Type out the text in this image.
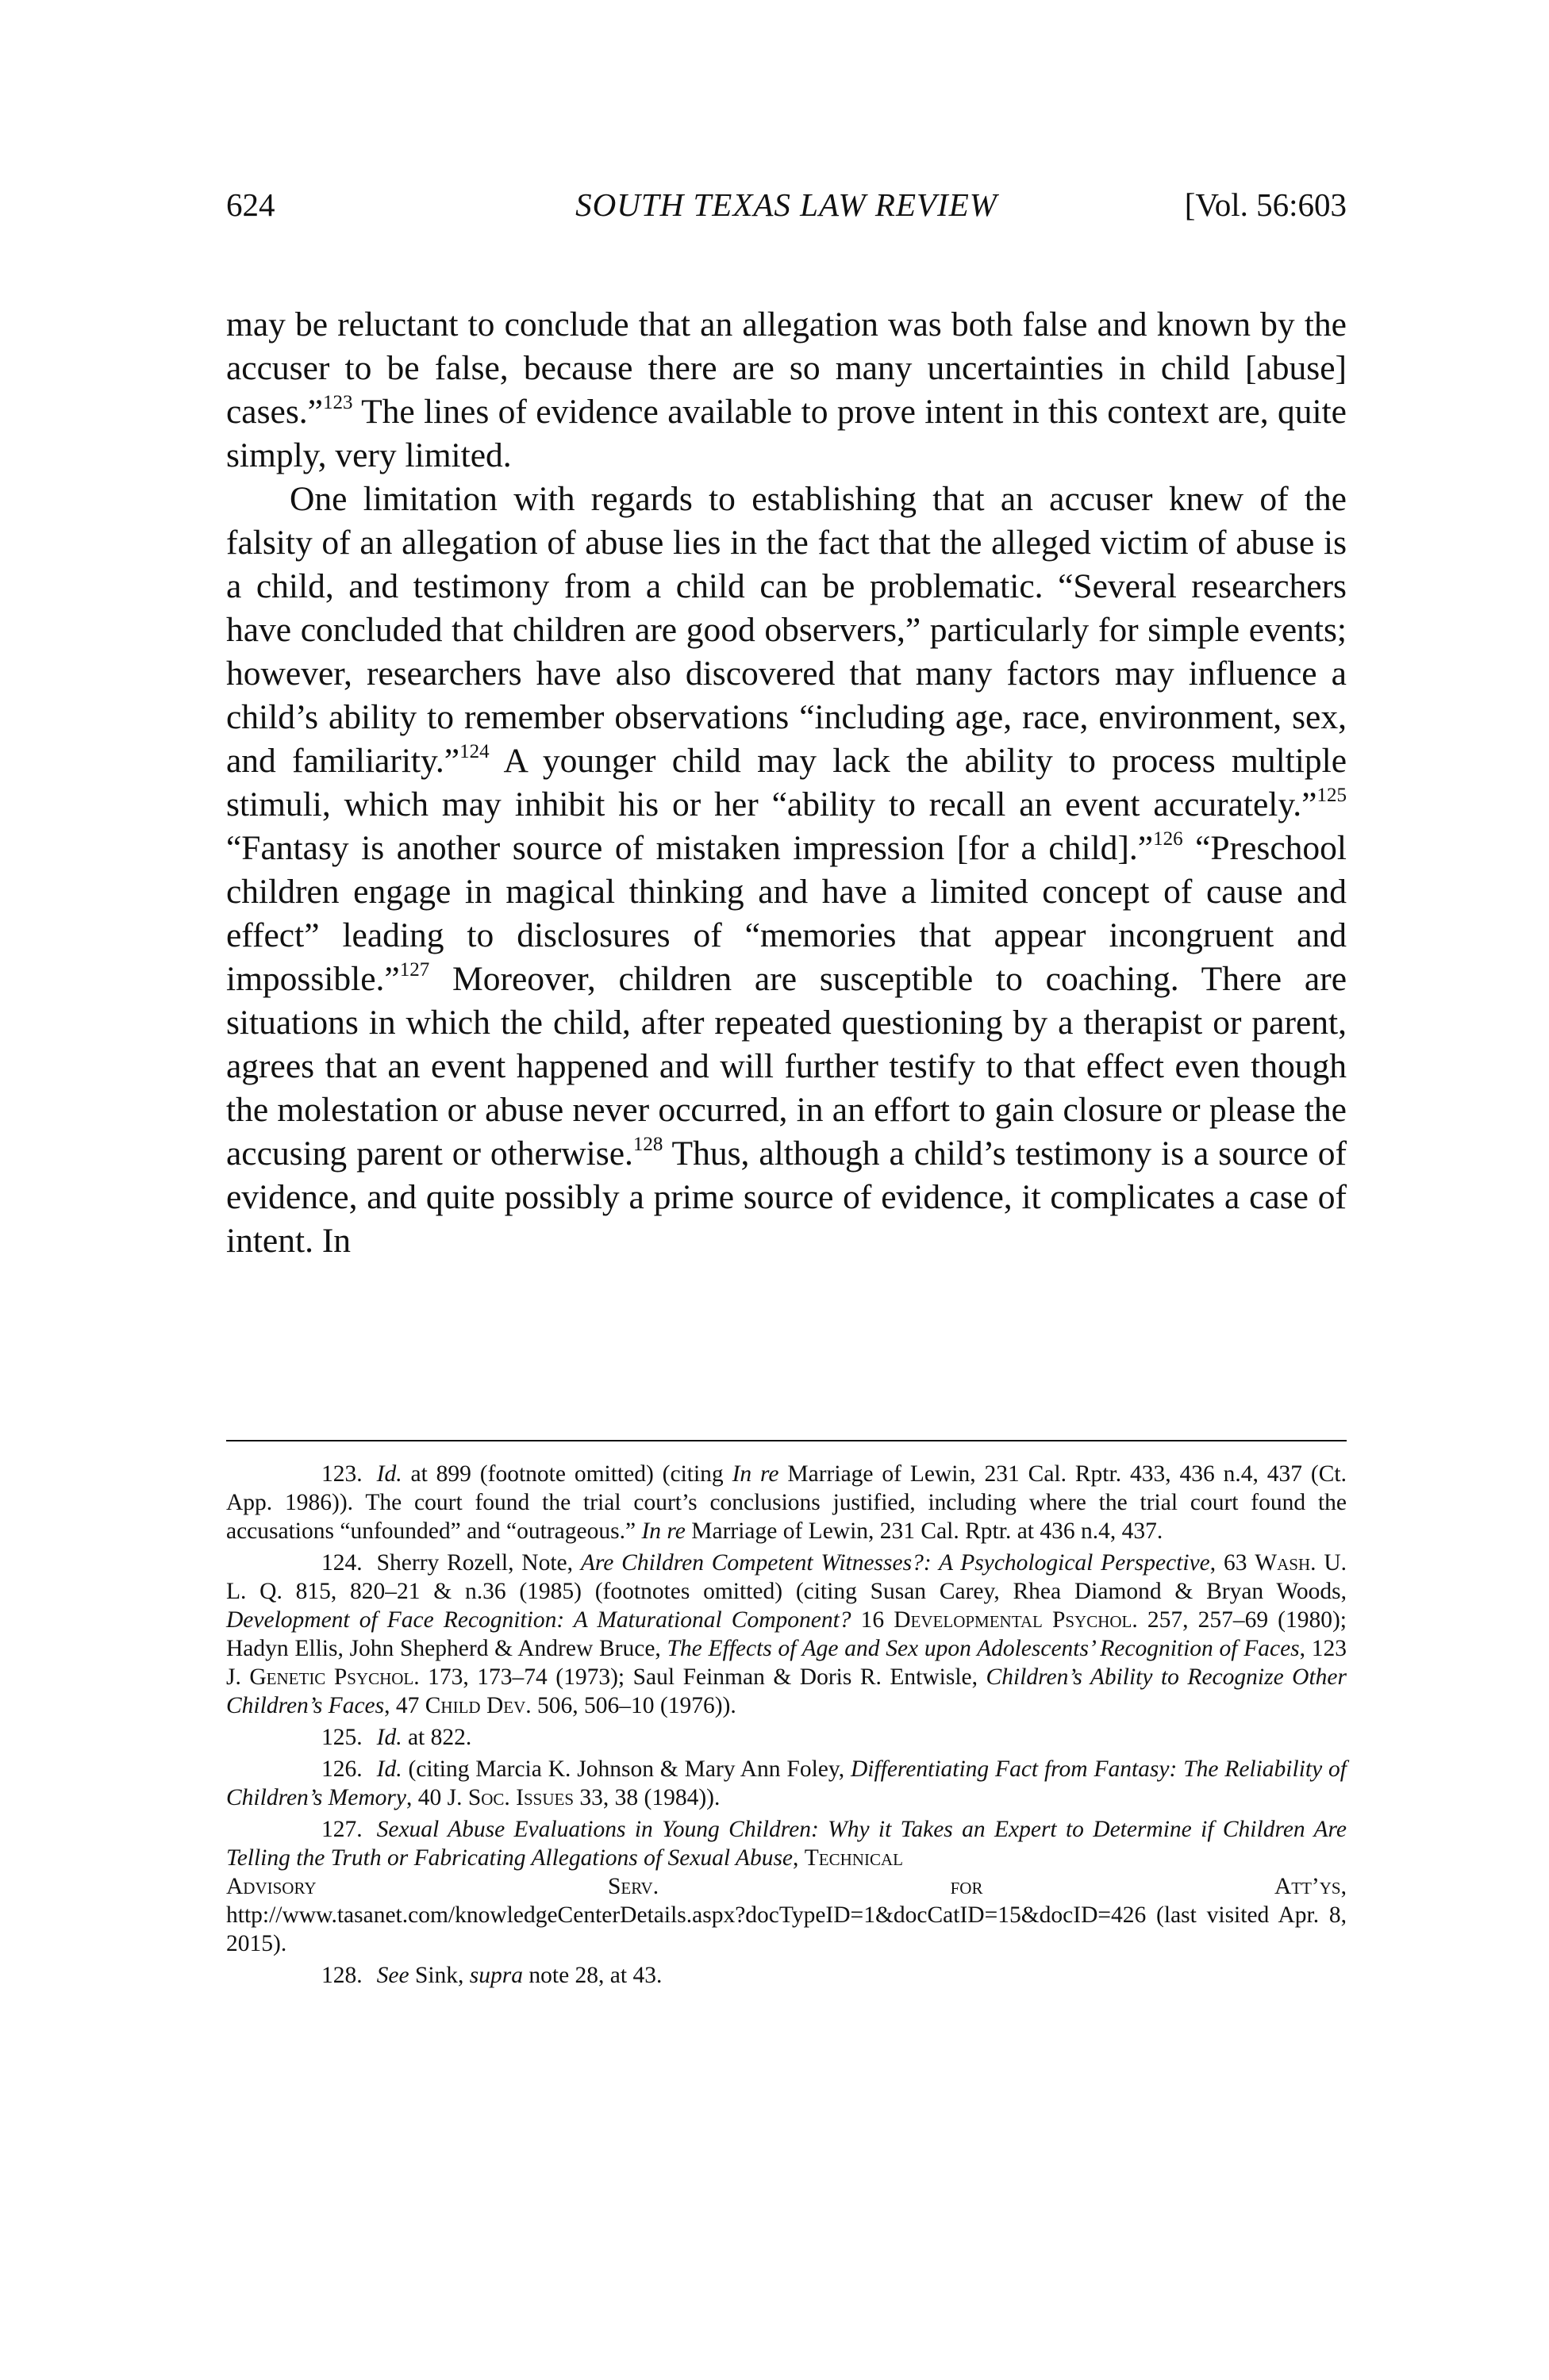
624	SOUTH TEXAS LAW REVIEW	[Vol. 56:603

may be reluctant to conclude that an allegation was both false and known by the accuser to be false, because there are so many uncertainties in child [abuse] cases.”$^{123}$ The lines of evidence available to prove intent in this context are, quite simply, very limited.

One limitation with regards to establishing that an accuser knew of the falsity of an allegation of abuse lies in the fact that the alleged victim of abuse is a child, and testimony from a child can be problematic. “Several researchers have concluded that children are good observers,” particularly for simple events; however, researchers have also discovered that many factors may influence a child’s ability to remember observations “including age, race, environment, sex, and familiarity.”$^{124}$ A younger child may lack the ability to process multiple stimuli, which may inhibit his or her “ability to recall an event accurately.”$^{125}$ “Fantasy is another source of mistaken impression [for a child].”$^{126}$ “Preschool children engage in magical thinking and have a limited concept of cause and effect” leading to disclosures of “memories that appear incongruent and impossible.”$^{127}$ Moreover, children are susceptible to coaching. There are situations in which the child, after repeated questioning by a therapist or parent, agrees that an event happened and will further testify to that effect even though the molestation or abuse never occurred, in an effort to gain closure or please the accusing parent or otherwise.$^{128}$ Thus, although a child’s testimony is a source of evidence, and quite possibly a prime source of evidence, it complicates a case of intent. In

123. Id. at 899 (footnote omitted) (citing In re Marriage of Lewin, 231 Cal. Rptr. 433, 436 n.4, 437 (Ct. App. 1986)). The court found the trial court’s conclusions justified, including where the trial court found the accusations “unfounded” and “outrageous.” In re Marriage of Lewin, 231 Cal. Rptr. at 436 n.4, 437.

124. Sherry Rozell, Note, Are Children Competent Witnesses?: A Psychological Perspective, 63 Wash. U. L. Q. 815, 820–21 & n.36 (1985) (footnotes omitted) (citing Susan Carey, Rhea Diamond & Bryan Woods, Development of Face Recognition: A Maturational Component? 16 Developmental Psychol. 257, 257–69 (1980); Hadyn Ellis, John Shepherd & Andrew Bruce, The Effects of Age and Sex upon Adolescents’ Recognition of Faces, 123 J. Genetic Psychol. 173, 173–74 (1973); Saul Feinman & Doris R. Entwisle, Children’s Ability to Recognize Other Children’s Faces, 47 Child Dev. 506, 506–10 (1976)).

125. Id. at 822.

126. Id. (citing Marcia K. Johnson & Mary Ann Foley, Differentiating Fact from Fantasy: The Reliability of Children’s Memory, 40 J. Soc. Issues 33, 38 (1984)).

127. Sexual Abuse Evaluations in Young Children: Why it Takes an Expert to Determine if Children Are Telling the Truth or Fabricating Allegations of Sexual Abuse, Technical
Advisory	Serv.	for	Att’ys,
http://www.tasanet.com/knowledgeCenterDetails.aspx?docTypeID=1&docCatID=15&docID=426 (last visited Apr. 8, 2015).

128. See Sink, supra note 28, at 43.
